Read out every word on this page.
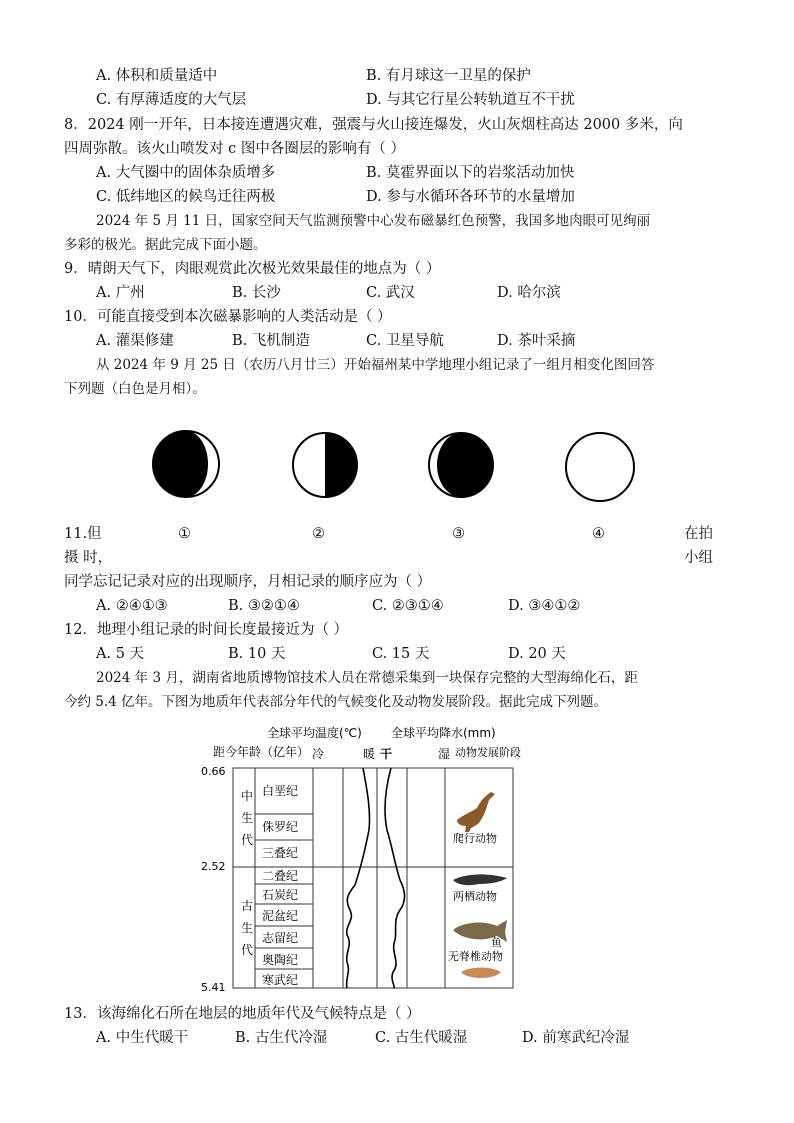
A. 体积和质量适中	B. 有月球这一卫星的保护
C. 有厚薄适度的大气层	D. 与其它行星公转轨道互不干扰
8．2024 刚一开年，日本接连遭遇灾难，强震与火山接连爆发，火山灰烟柱高达 2000 多米，向
四周弥散。该火山喷发对 c 图中各圈层的影响有（ ）
A. 大气圈中的固体杂质增多	B. 莫霍界面以下的岩浆活动加快
C. 低纬地区的候鸟迁往两极	D. 参与水循环各环节的水量增加
2024 年 5 月 11 日，国家空间天气监测预警中心发布磁暴红色预警，我国多地肉眼可见绚丽
多彩的极光。据此完成下面小题。
9．晴朗天气下，肉眼观赏此次极光效果最佳的地点为（ ）
A. 广州	B. 长沙	C. 武汉	D. 哈尔滨
10．可能直接受到本次磁暴影响的人类活动是（ ）
A. 灌渠修建	B. 飞机制造	C. 卫星导航	D. 茶叶采摘
从 2024 年 9 月 25 日（农历八月廿三）开始福州某中学地理小组记录了一组月相变化图回答
下列题（白色是月相）。
11.但
摄 时，
①	②	③	④	在拍
小组
同学忘记记录对应的出现顺序，月相记录的顺序应为（ ）
A. ②④①③	B. ③②①④	C. ②③①④	D. ③④①②
12．地理小组记录的时间长度最接近为（ ）
A. 5 天	B. 10 天	C. 15 天	D. 20 天
2024 年 3 月，湖南省地质博物馆技术人员在常德采集到一块保存完整的大型海绵化石，距
今约 5.4 亿年。下图为地质年代表部分年代的气候变化及动物发展阶段。据此完成下列题。
全球平均温度(℃) 全球平均降水(mm)
距今年龄（亿年） 冷	暖 干	湿 动物发展阶段
0.66
2.52
5.41
中
生
代
古
生
代
白垩纪
侏罗纪
三叠纪
二叠纪
石炭纪
泥盆纪
志留纪
奥陶纪
寒武纪
爬行动物
两栖动物
鱼
无脊椎动物
13．该海绵化石所在地层的地质年代及气候特点是（ ）
A. 中生代暖干	B. 古生代冷湿	C. 古生代暖湿	D. 前寒武纪冷湿
